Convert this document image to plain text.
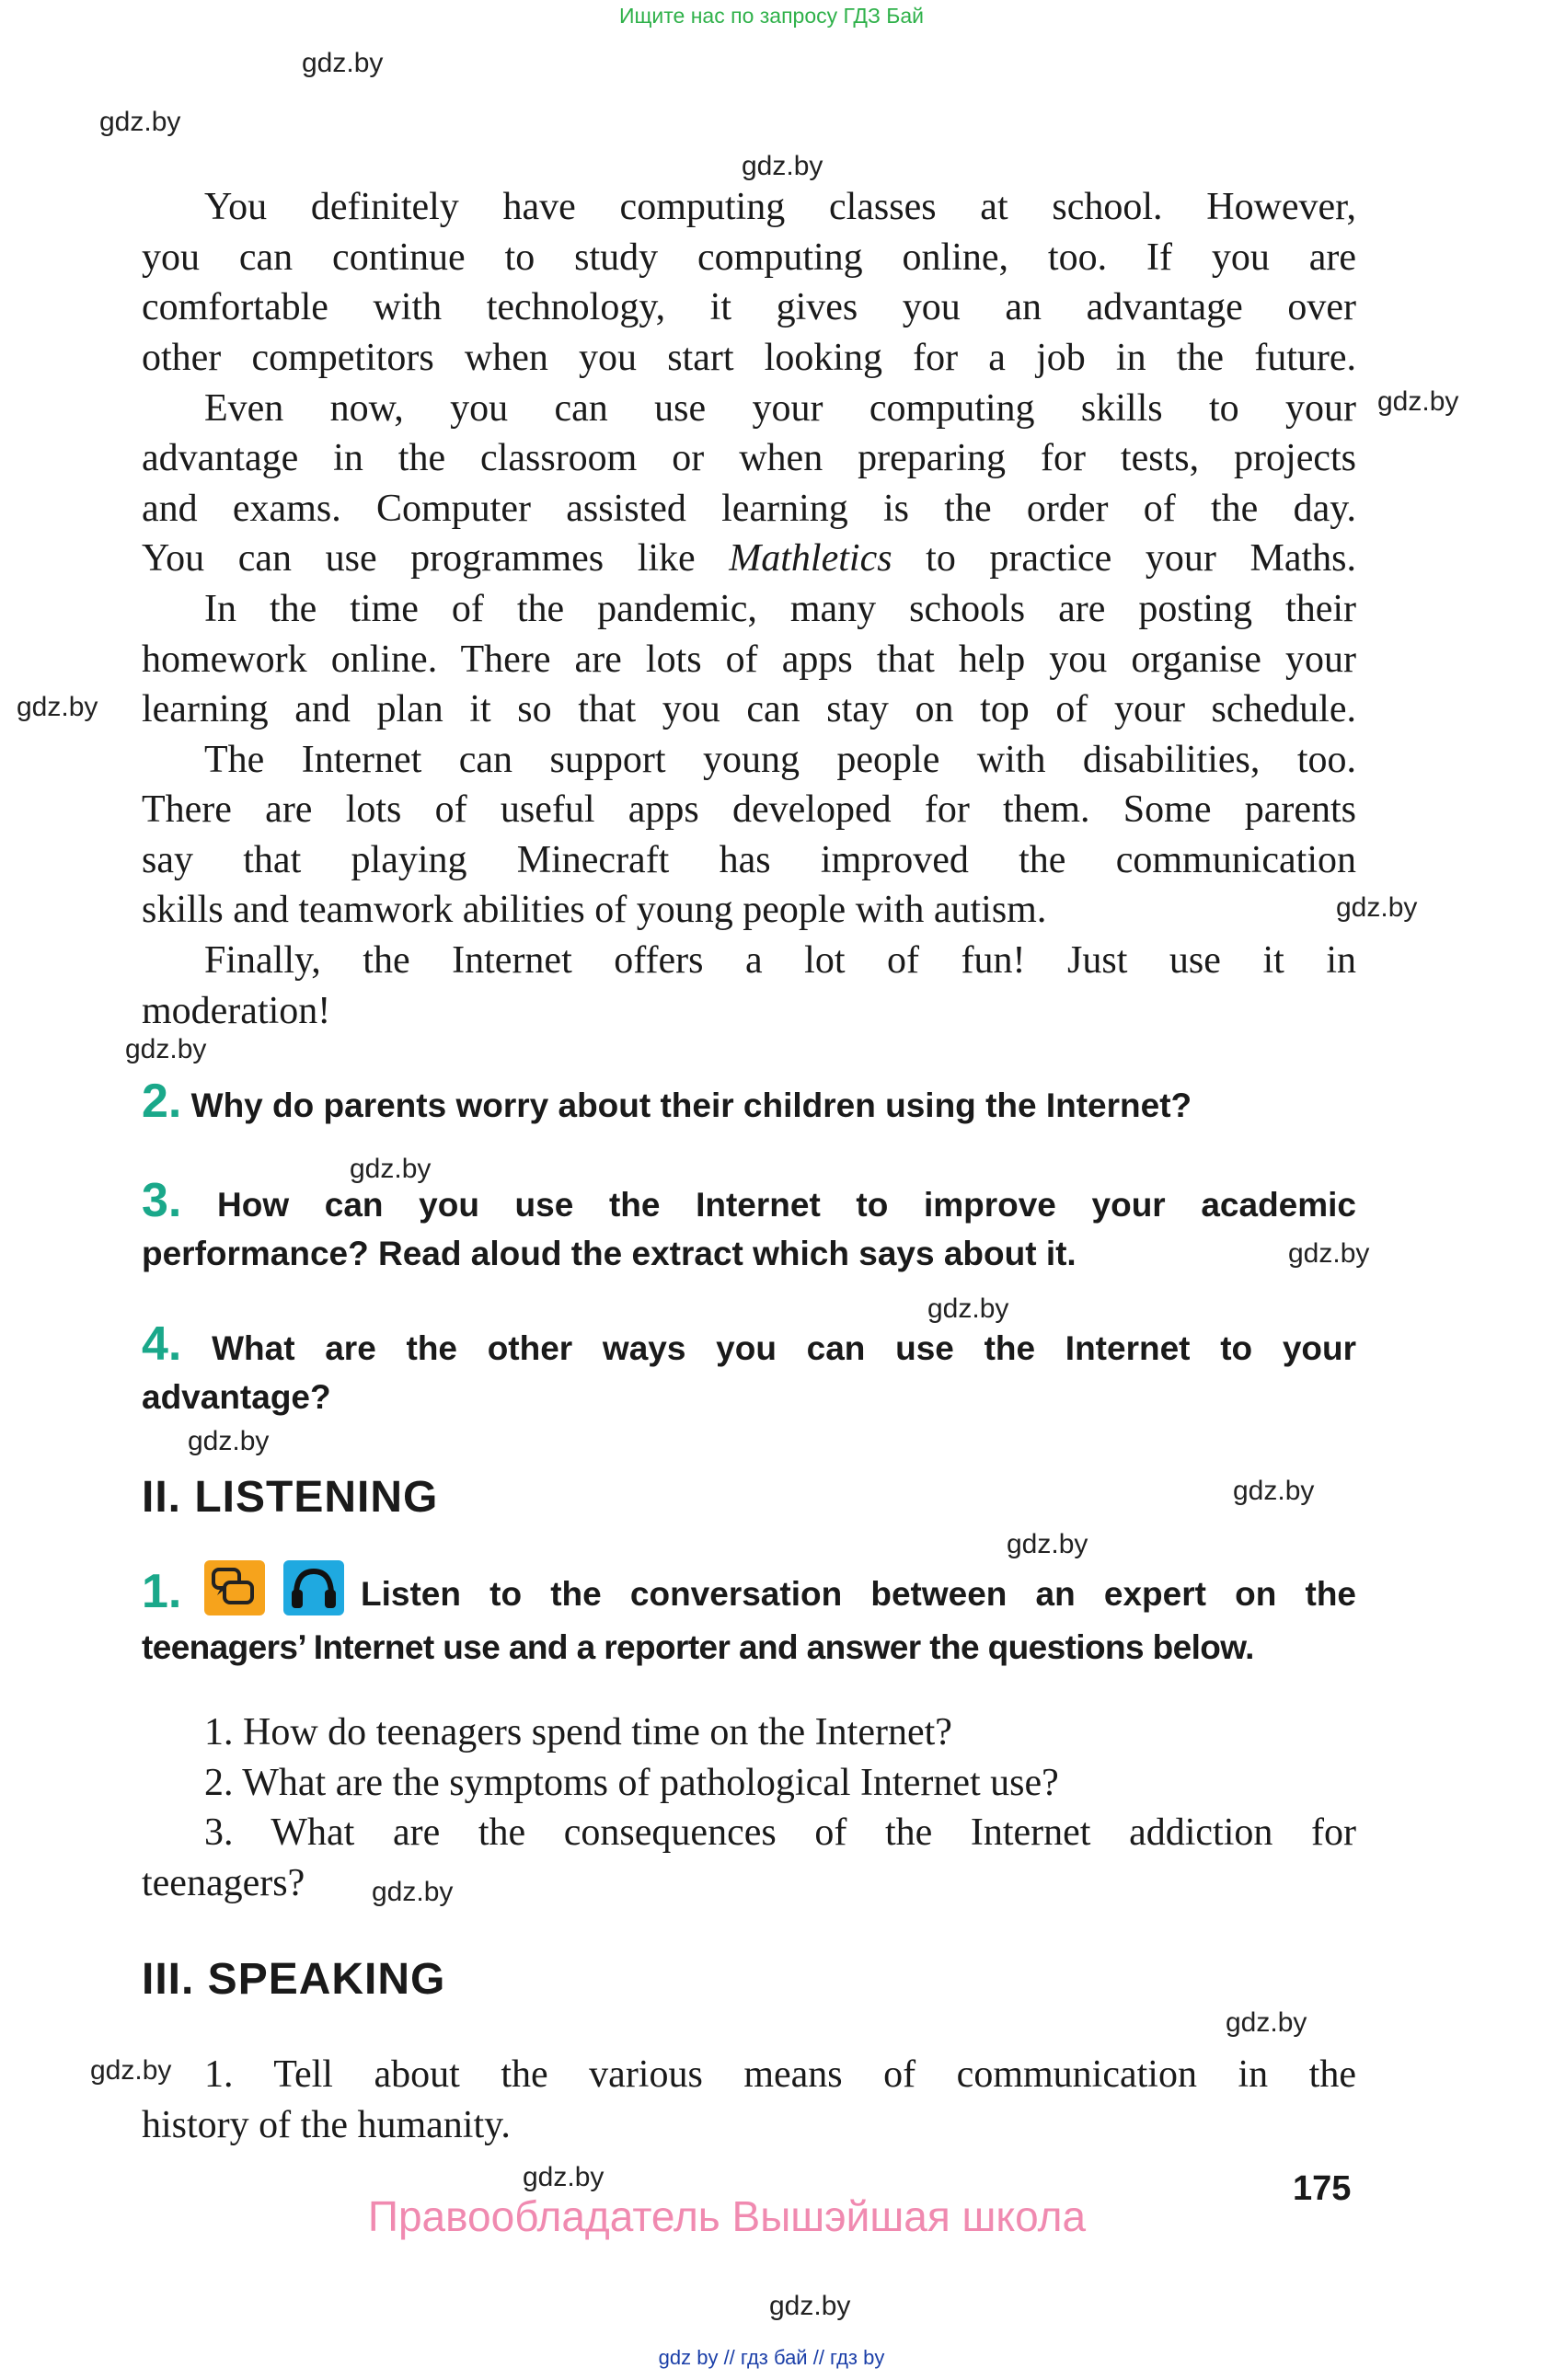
Ищите нас по запросу ГДЗ Бай
gdz.by
gdz.by
gdz.by
gdz.by
gdz.by
gdz.by
gdz.by
gdz.by
gdz.by
gdz.by
gdz.by
gdz.by
gdz.by
gdz.by
gdz.by
gdz.by
gdz.by
gdz.by
You definitely have computing classes at school. However,
you can continue to study computing online, too. If you are
comfortable with technology, it gives you an advantage over
other competitors when you start looking for a job in the future.
Even now, you can use your computing skills to your
advantage in the classroom or when preparing for tests, projects
and exams. Computer assisted learning is the order of the day.
You can use programmes like Mathletics to practice your Maths.
In the time of the pandemic, many schools are posting their
homework online. There are lots of apps that help you organise your
learning and plan it so that you can stay on top of your schedule.
The Internet can support young people with disabilities, too.
There are lots of useful apps developed for them. Some parents
say that playing Minecraft has improved the communication
skills and teamwork abilities of young people with autism.
Finally, the Internet offers a lot of fun! Just use it in
moderation!
2. Why do parents worry about their children using the Internet?
3. How can you use the Internet to improve your academic
performance? Read aloud the extract which says about it.
4. What are the other ways you can use the Internet to your
advantage?
II. LISTENING
1.	Listen to the conversation between an expert on the
teenagers’ Internet use and a reporter and answer the questions below.
1. How do teenagers spend time on the Internet?
2. What are the symptoms of pathological Internet use?
3. What are the consequences of the Internet addiction for
teenagers?
III. SPEAKING
1. Tell about the various means of communication in the
history of the humanity.
175
Правообладатель Вышэйшая школа
gdz by // гдз бай // гдз by
